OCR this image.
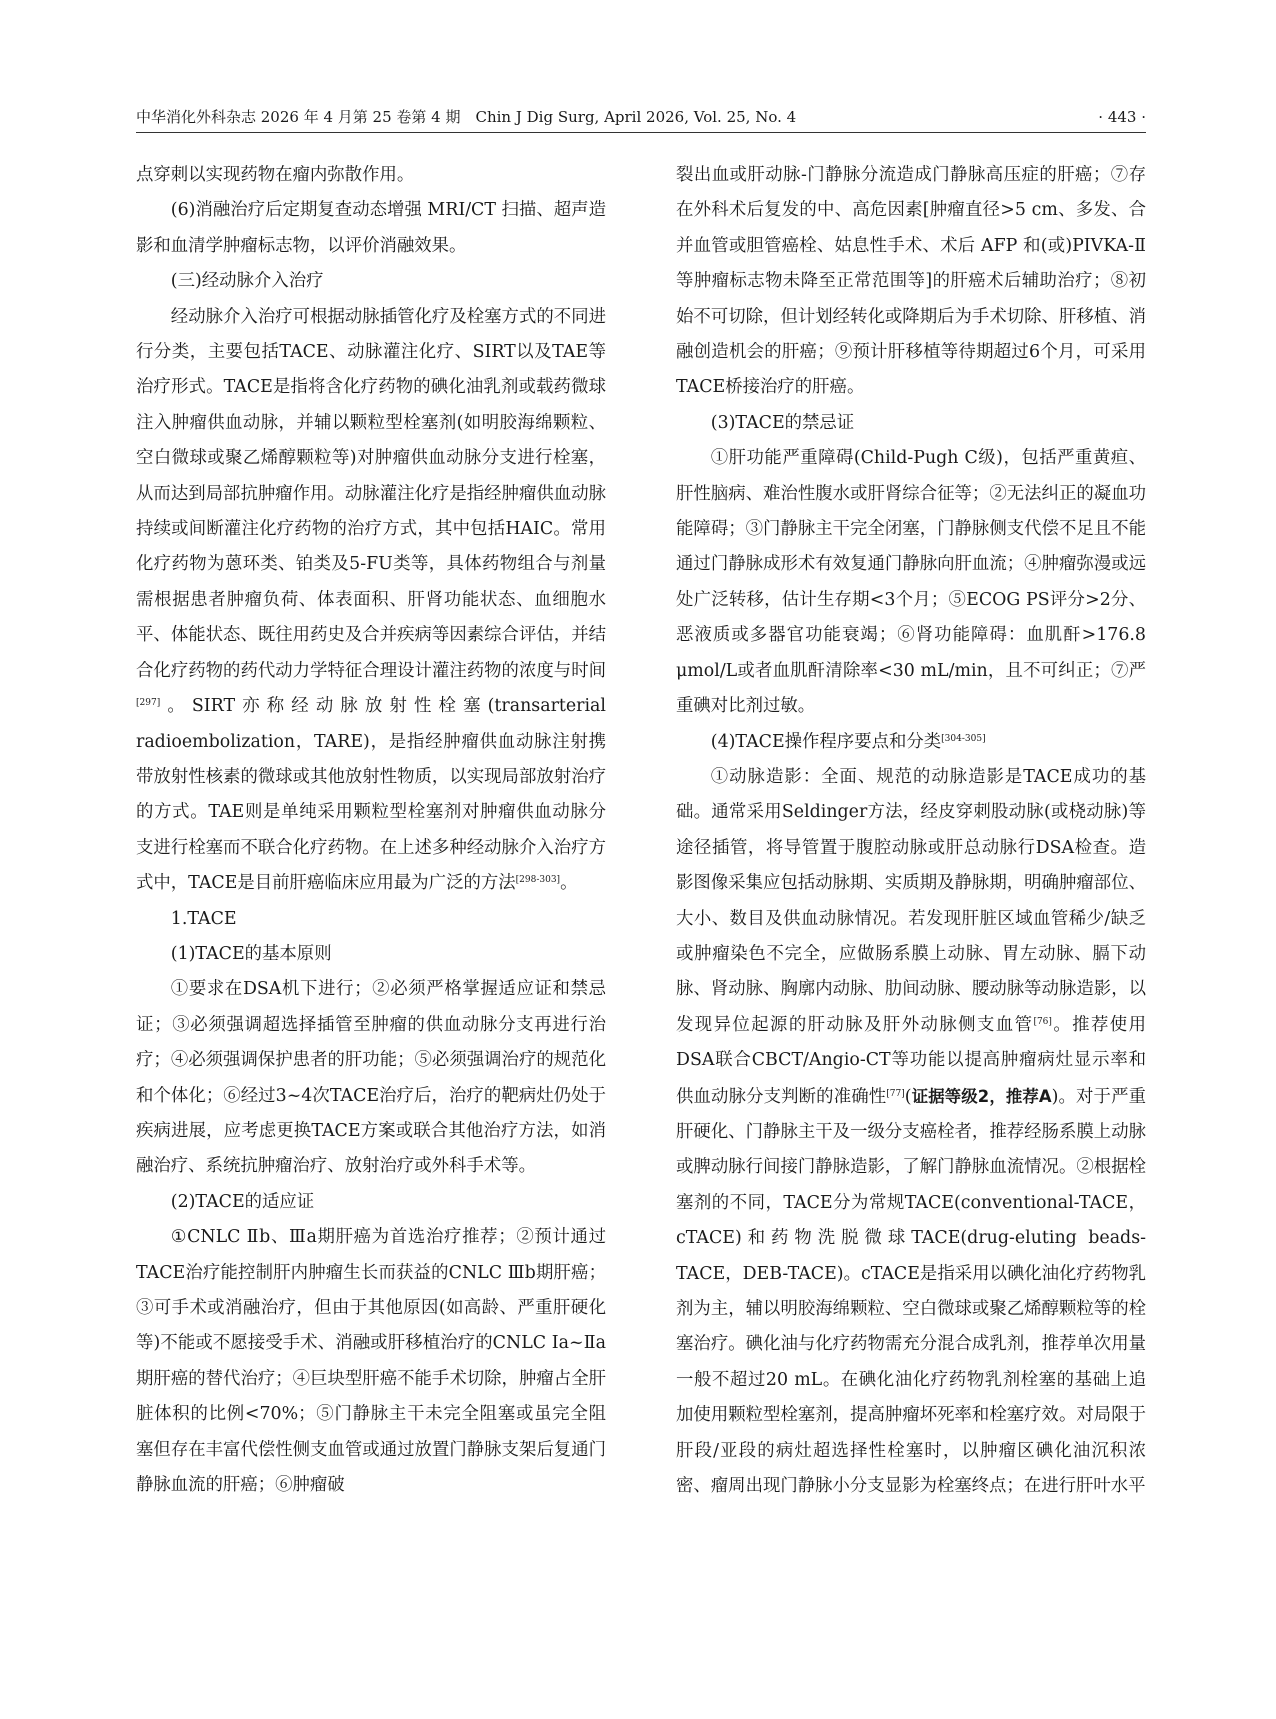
中华消化外科杂志 2026 年 4 月第 25 卷第 4 期　Chin J Dig Surg, April 2026, Vol. 25, No. 4	· 443 ·

点穿刺以实现药物在瘤内弥散作用。

(6)消融治疗后定期复查动态增强 MRI/CT 扫描、超声造影和血清学肿瘤标志物，以评价消融效果。

(三)经动脉介入治疗

经动脉介入治疗可根据动脉插管化疗及栓塞方式的不同进行分类，主要包括TACE、动脉灌注化疗、SIRT以及TAE等治疗形式。TACE是指将含化疗药物的碘化油乳剂或载药微球注入肿瘤供血动脉，并辅以颗粒型栓塞剂(如明胶海绵颗粒、空白微球或聚乙烯醇颗粒等)对肿瘤供血动脉分支进行栓塞，从而达到局部抗肿瘤作用。动脉灌注化疗是指经肿瘤供血动脉持续或间断灌注化疗药物的治疗方式，其中包括HAIC。常用化疗药物为蒽环类、铂类及5-FU类等，具体药物组合与剂量需根据患者肿瘤负荷、体表面积、肝肾功能状态、血细胞水平、体能状态、既往用药史及合并疾病等因素综合评估，并结合化疗药物的药代动力学特征合理设计灌注药物的浓度与时间[297]。SIRT亦称经动脉放射性栓塞(transarterial radioembolization，TARE)，是指经肿瘤供血动脉注射携带放射性核素的微球或其他放射性物质，以实现局部放射治疗的方式。TAE则是单纯采用颗粒型栓塞剂对肿瘤供血动脉分支进行栓塞而不联合化疗药物。在上述多种经动脉介入治疗方式中，TACE是目前肝癌临床应用最为广泛的方法[298-303]。

1.TACE

(1)TACE的基本原则

①要求在DSA机下进行；②必须严格掌握适应证和禁忌证；③必须强调超选择插管至肿瘤的供血动脉分支再进行治疗；④必须强调保护患者的肝功能；⑤必须强调治疗的规范化和个体化；⑥经过3~4次TACE治疗后，治疗的靶病灶仍处于疾病进展，应考虑更换TACE方案或联合其他治疗方法，如消融治疗、系统抗肿瘤治疗、放射治疗或外科手术等。

(2)TACE的适应证

①CNLC Ⅱb、Ⅲa期肝癌为首选治疗推荐；②预计通过TACE治疗能控制肝内肿瘤生长而获益的CNLC Ⅲb期肝癌；③可手术或消融治疗，但由于其他原因(如高龄、严重肝硬化等)不能或不愿接受手术、消融或肝移植治疗的CNLC Ⅰa~Ⅱa期肝癌的替代治疗；④巨块型肝癌不能手术切除，肿瘤占全肝脏体积的比例<70%；⑤门静脉主干未完全阻塞或虽完全阻塞但存在丰富代偿性侧支血管或通过放置门静脉支架后复通门静脉血流的肝癌；⑥肿瘤破

裂出血或肝动脉-门静脉分流造成门静脉高压症的肝癌；⑦存在外科术后复发的中、高危因素[肿瘤直径>5 cm、多发、合并血管或胆管癌栓、姑息性手术、术后 AFP 和(或)PIVKA-Ⅱ等肿瘤标志物未降至正常范围等]的肝癌术后辅助治疗；⑧初始不可切除，但计划经转化或降期后为手术切除、肝移植、消融创造机会的肝癌；⑨预计肝移植等待期超过6个月，可采用TACE桥接治疗的肝癌。

(3)TACE的禁忌证

①肝功能严重障碍(Child-Pugh C级)，包括严重黄疸、肝性脑病、难治性腹水或肝肾综合征等；②无法纠正的凝血功能障碍；③门静脉主干完全闭塞，门静脉侧支代偿不足且不能通过门静脉成形术有效复通门静脉向肝血流；④肿瘤弥漫或远处广泛转移，估计生存期<3个月；⑤ECOG PS评分>2分、恶液质或多器官功能衰竭；⑥肾功能障碍：血肌酐>176.8 μmol/L或者血肌酐清除率<30 mL/min，且不可纠正；⑦严重碘对比剂过敏。

(4)TACE操作程序要点和分类[304-305]

①动脉造影：全面、规范的动脉造影是TACE成功的基础。通常采用Seldinger方法，经皮穿刺股动脉(或桡动脉)等途径插管，将导管置于腹腔动脉或肝总动脉行DSA检查。造影图像采集应包括动脉期、实质期及静脉期，明确肿瘤部位、大小、数目及供血动脉情况。若发现肝脏区域血管稀少/缺乏或肿瘤染色不完全，应做肠系膜上动脉、胃左动脉、膈下动脉、肾动脉、胸廓内动脉、肋间动脉、腰动脉等动脉造影，以发现异位起源的肝动脉及肝外动脉侧支血管[76]。推荐使用DSA联合CBCT/Angio-CT等功能以提高肿瘤病灶显示率和供血动脉分支判断的准确性[77](证据等级2，推荐A)。对于严重肝硬化、门静脉主干及一级分支癌栓者，推荐经肠系膜上动脉或脾动脉行间接门静脉造影，了解门静脉血流情况。②根据栓塞剂的不同，TACE分为常规TACE(conventional-TACE，cTACE)和药物洗脱微球TACE(drug-eluting beads-TACE，DEB-TACE)。cTACE是指采用以碘化油化疗药物乳剂为主，辅以明胶海绵颗粒、空白微球或聚乙烯醇颗粒等的栓塞治疗。碘化油与化疗药物需充分混合成乳剂，推荐单次用量一般不超过20 mL。在碘化油化疗药物乳剂栓塞的基础上追加使用颗粒型栓塞剂，提高肿瘤坏死率和栓塞疗效。对局限于肝段/亚段的病灶超选择性栓塞时，以肿瘤区碘化油沉积浓密、瘤周出现门静脉小分支显影为栓塞终点；在进行肝叶水平
